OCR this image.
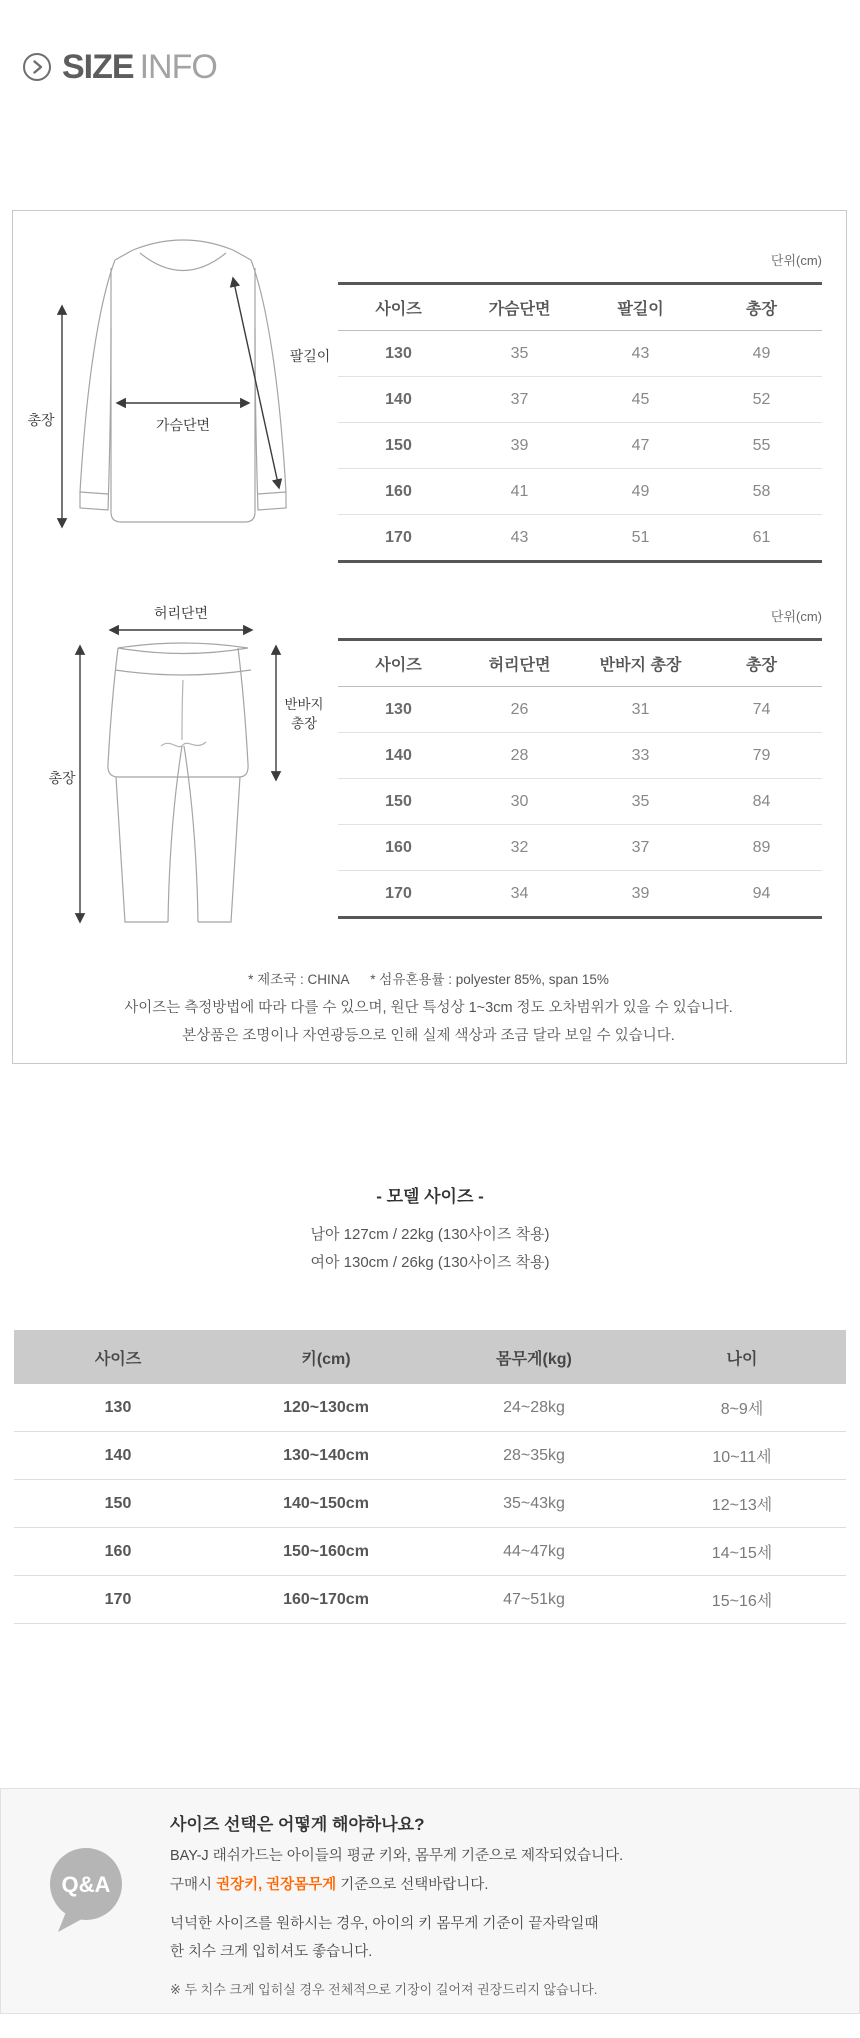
SIZE INFO
총장	가슴단면
팔길이
단위(cm)
사이즈	가슴단면	팔길이	총장
130	35	43	49
140	37	45	52
150	39	47	55
160	41	49	58
170	43	51	61
허리단면
총장
반바지
총장
단위(cm)
사이즈	허리단면	반바지 총장	총장
130	26	31	74
140	28	33	79
150	30	35	84
160	32	37	89
170	34	39	94
* 제조국 : CHINA * 섬유혼용률 : polyester 85%, span 15%
사이즈는 측정방법에 따라 다를 수 있으며, 원단 특성상 1~3cm 정도 오차범위가 있을 수 있습니다.
본상품은 조명이나 자연광등으로 인해 실제 색상과 조금 달라 보일 수 있습니다.
- 모델 사이즈 -
남아 127cm / 22kg (130사이즈 착용)
여아 130cm / 26kg (130사이즈 착용)
사이즈	키(cm)	몸무게(kg)	나이
130	120~130cm	24~28kg	8~9세
140	130~140cm	28~35kg	10~11세
150	140~150cm	35~43kg	12~13세
160	150~160cm	44~47kg	14~15세
170	160~170cm	47~51kg	15~16세
Q&A
사이즈 선택은 어떻게 해야하나요?
BAY-J 래쉬가드는 아이들의 평균 키와, 몸무게 기준으로 제작되었습니다.
구매시 권장키, 권장몸무게 기준으로 선택바랍니다.
넉넉한 사이즈를 원하시는 경우, 아이의 키 몸무게 기준이 끝자락일때
한 치수 크게 입히셔도 좋습니다.
※ 두 치수 크게 입히실 경우 전체적으로 기장이 길어져 권장드리지 않습니다.
